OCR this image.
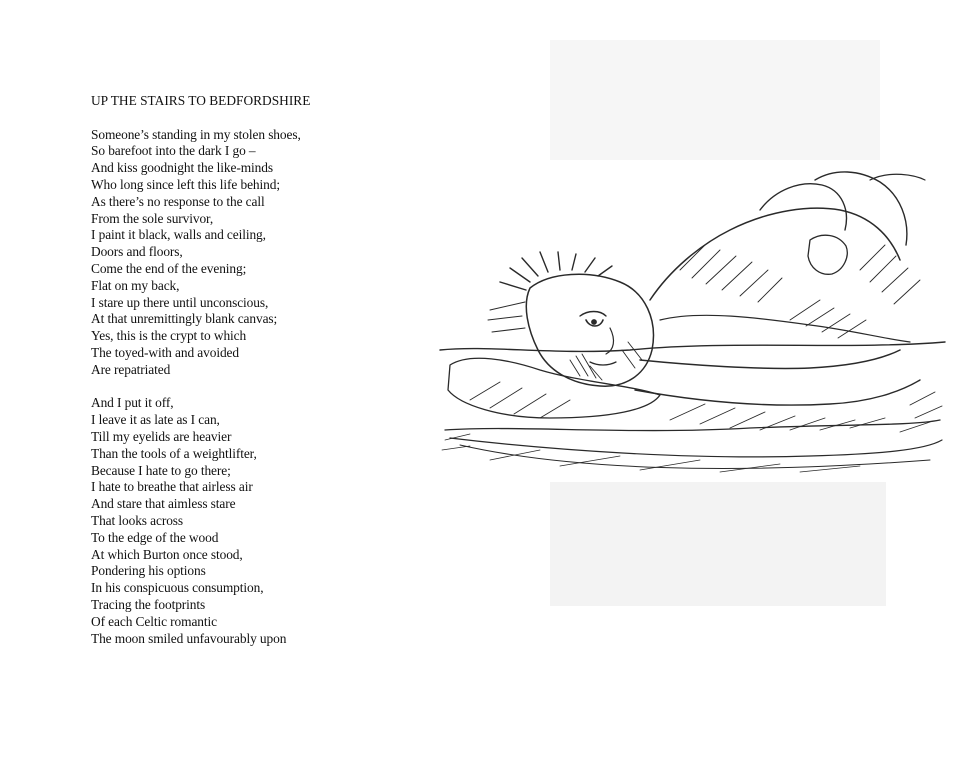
UP THE STAIRS TO BEDFORDSHIRE
Someone’s standing in my stolen shoes,
So barefoot into the dark I go –
And kiss goodnight the like-minds
Who long since left this life behind;
As there’s no response to the call
From the sole survivor,
I paint it black, walls and ceiling,
Doors and floors,
Come the end of the evening;
Flat on my back,
I stare up there until unconscious,
At that unremittingly blank canvas;
Yes, this is the crypt to which
The toyed-with and avoided
Are repatriated
And I put it off,
I leave it as late as I can,
Till my eyelids are heavier
Than the tools of a weightlifter,
Because I hate to go there;
I hate to breathe that airless air
And stare that aimless stare
That looks across
To the edge of the wood
At which Burton once stood,
Pondering his options
In his conspicuous consumption,
Tracing the footprints
Of each Celtic romantic
The moon smiled unfavourably upon
